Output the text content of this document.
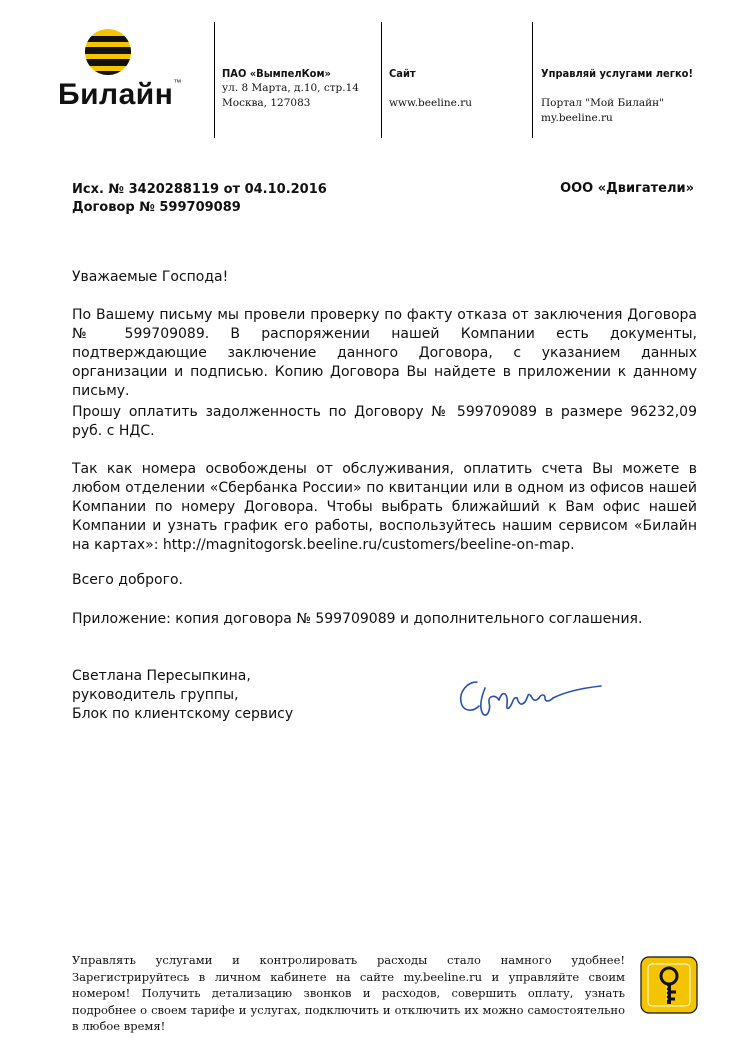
Билайн™
ПАО «ВымпелКом»
ул. 8 Марта, д.10, стр.14
Москва, 127083
Сайт
www.beeline.ru
Управляй услугами легко!
Портал "Мой Билайн"
my.beeline.ru
Исх. № 3420288119 от 04.10.2016
Договор № 599709089
ООО «Двигатели»
Уважаемые Господа!
По Вашему письму мы провели проверку по факту отказа от заключения Договора № 599709089. В распоряжении нашей Компании есть документы, подтверждающие заключение данного Договора, с указанием данных организации и подписью. Копию Договора Вы найдете в приложении к данному письму.
Прошу оплатить задолженность по Договору № 599709089 в размере 96232,09 руб. с НДС.
Так как номера освобождены от обслуживания, оплатить счета Вы можете в любом отделении «Сбербанка России» по квитанции или в одном из офисов нашей Компании по номеру Договора. Чтобы выбрать ближайший к Вам офис нашей Компании и узнать график его работы, воспользуйтесь нашим сервисом «Билайн на картах»: http://magnitogorsk.beeline.ru/customers/beeline-on-map.
Всего доброго.
Приложение: копия договора № 599709089 и дополнительного соглашения.
Светлана Пересыпкина,
руководитель группы,
Блок по клиентскому сервису
Управлять услугами и контролировать расходы стало намного удобнее! Зарегистрируйтесь в личном кабинете на сайте my.beeline.ru и управляйте своим номером! Получить детализацию звонков и расходов, совершить оплату, узнать подробнее о своем тарифе и услугах, подключить и отключить их можно самостоятельно в любое время!
